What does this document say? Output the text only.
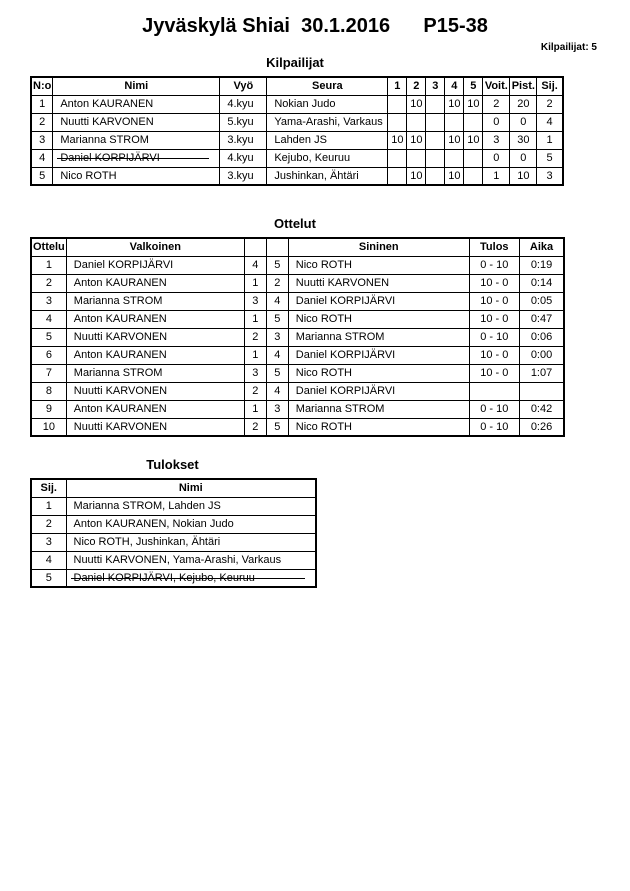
Jyväskylä Shiai  30.1.2016      P15-38
Kilpailijat: 5
Kilpailijat
N:o	Nimi	Vyö	Seura	1	2	3	4	5	Voit.	Pist.	Sij.
1	Anton KAURANEN	4.kyu	Nokian Judo		10		10	10	2	20	2
2	Nuutti KARVONEN	5.kyu	Yama-Arashi, Varkaus						0	0	4
3	Marianna STROM	3.kyu	Lahden JS	10	10		10	10	3	30	1
4	Daniel KORPIJÄRVI	4.kyu	Kejubo, Keuruu						0	0	5
5	Nico ROTH	3.kyu	Jushinkan, Ähtäri		10		10		1	10	3
Ottelut
Ottelu	Valkoinen			Sininen	Tulos	Aika
1	Daniel KORPIJÄRVI	4	5	Nico ROTH	0 - 10	0:19
2	Anton KAURANEN	1	2	Nuutti KARVONEN	10 - 0	0:14
3	Marianna STROM	3	4	Daniel KORPIJÄRVI	10 - 0	0:05
4	Anton KAURANEN	1	5	Nico ROTH	10 - 0	0:47
5	Nuutti KARVONEN	2	3	Marianna STROM	0 - 10	0:06
6	Anton KAURANEN	1	4	Daniel KORPIJÄRVI	10 - 0	0:00
7	Marianna STROM	3	5	Nico ROTH	10 - 0	1:07
8	Nuutti KARVONEN	2	4	Daniel KORPIJÄRVI		
9	Anton KAURANEN	1	3	Marianna STROM	0 - 10	0:42
10	Nuutti KARVONEN	2	5	Nico ROTH	0 - 10	0:26
Tulokset
Sij.	Nimi
1	Marianna STROM, Lahden JS
2	Anton KAURANEN, Nokian Judo
3	Nico ROTH, Jushinkan, Ähtäri
4	Nuutti KARVONEN, Yama-Arashi, Varkaus
5	Daniel KORPIJÄRVI, Kejubo, Keuruu
